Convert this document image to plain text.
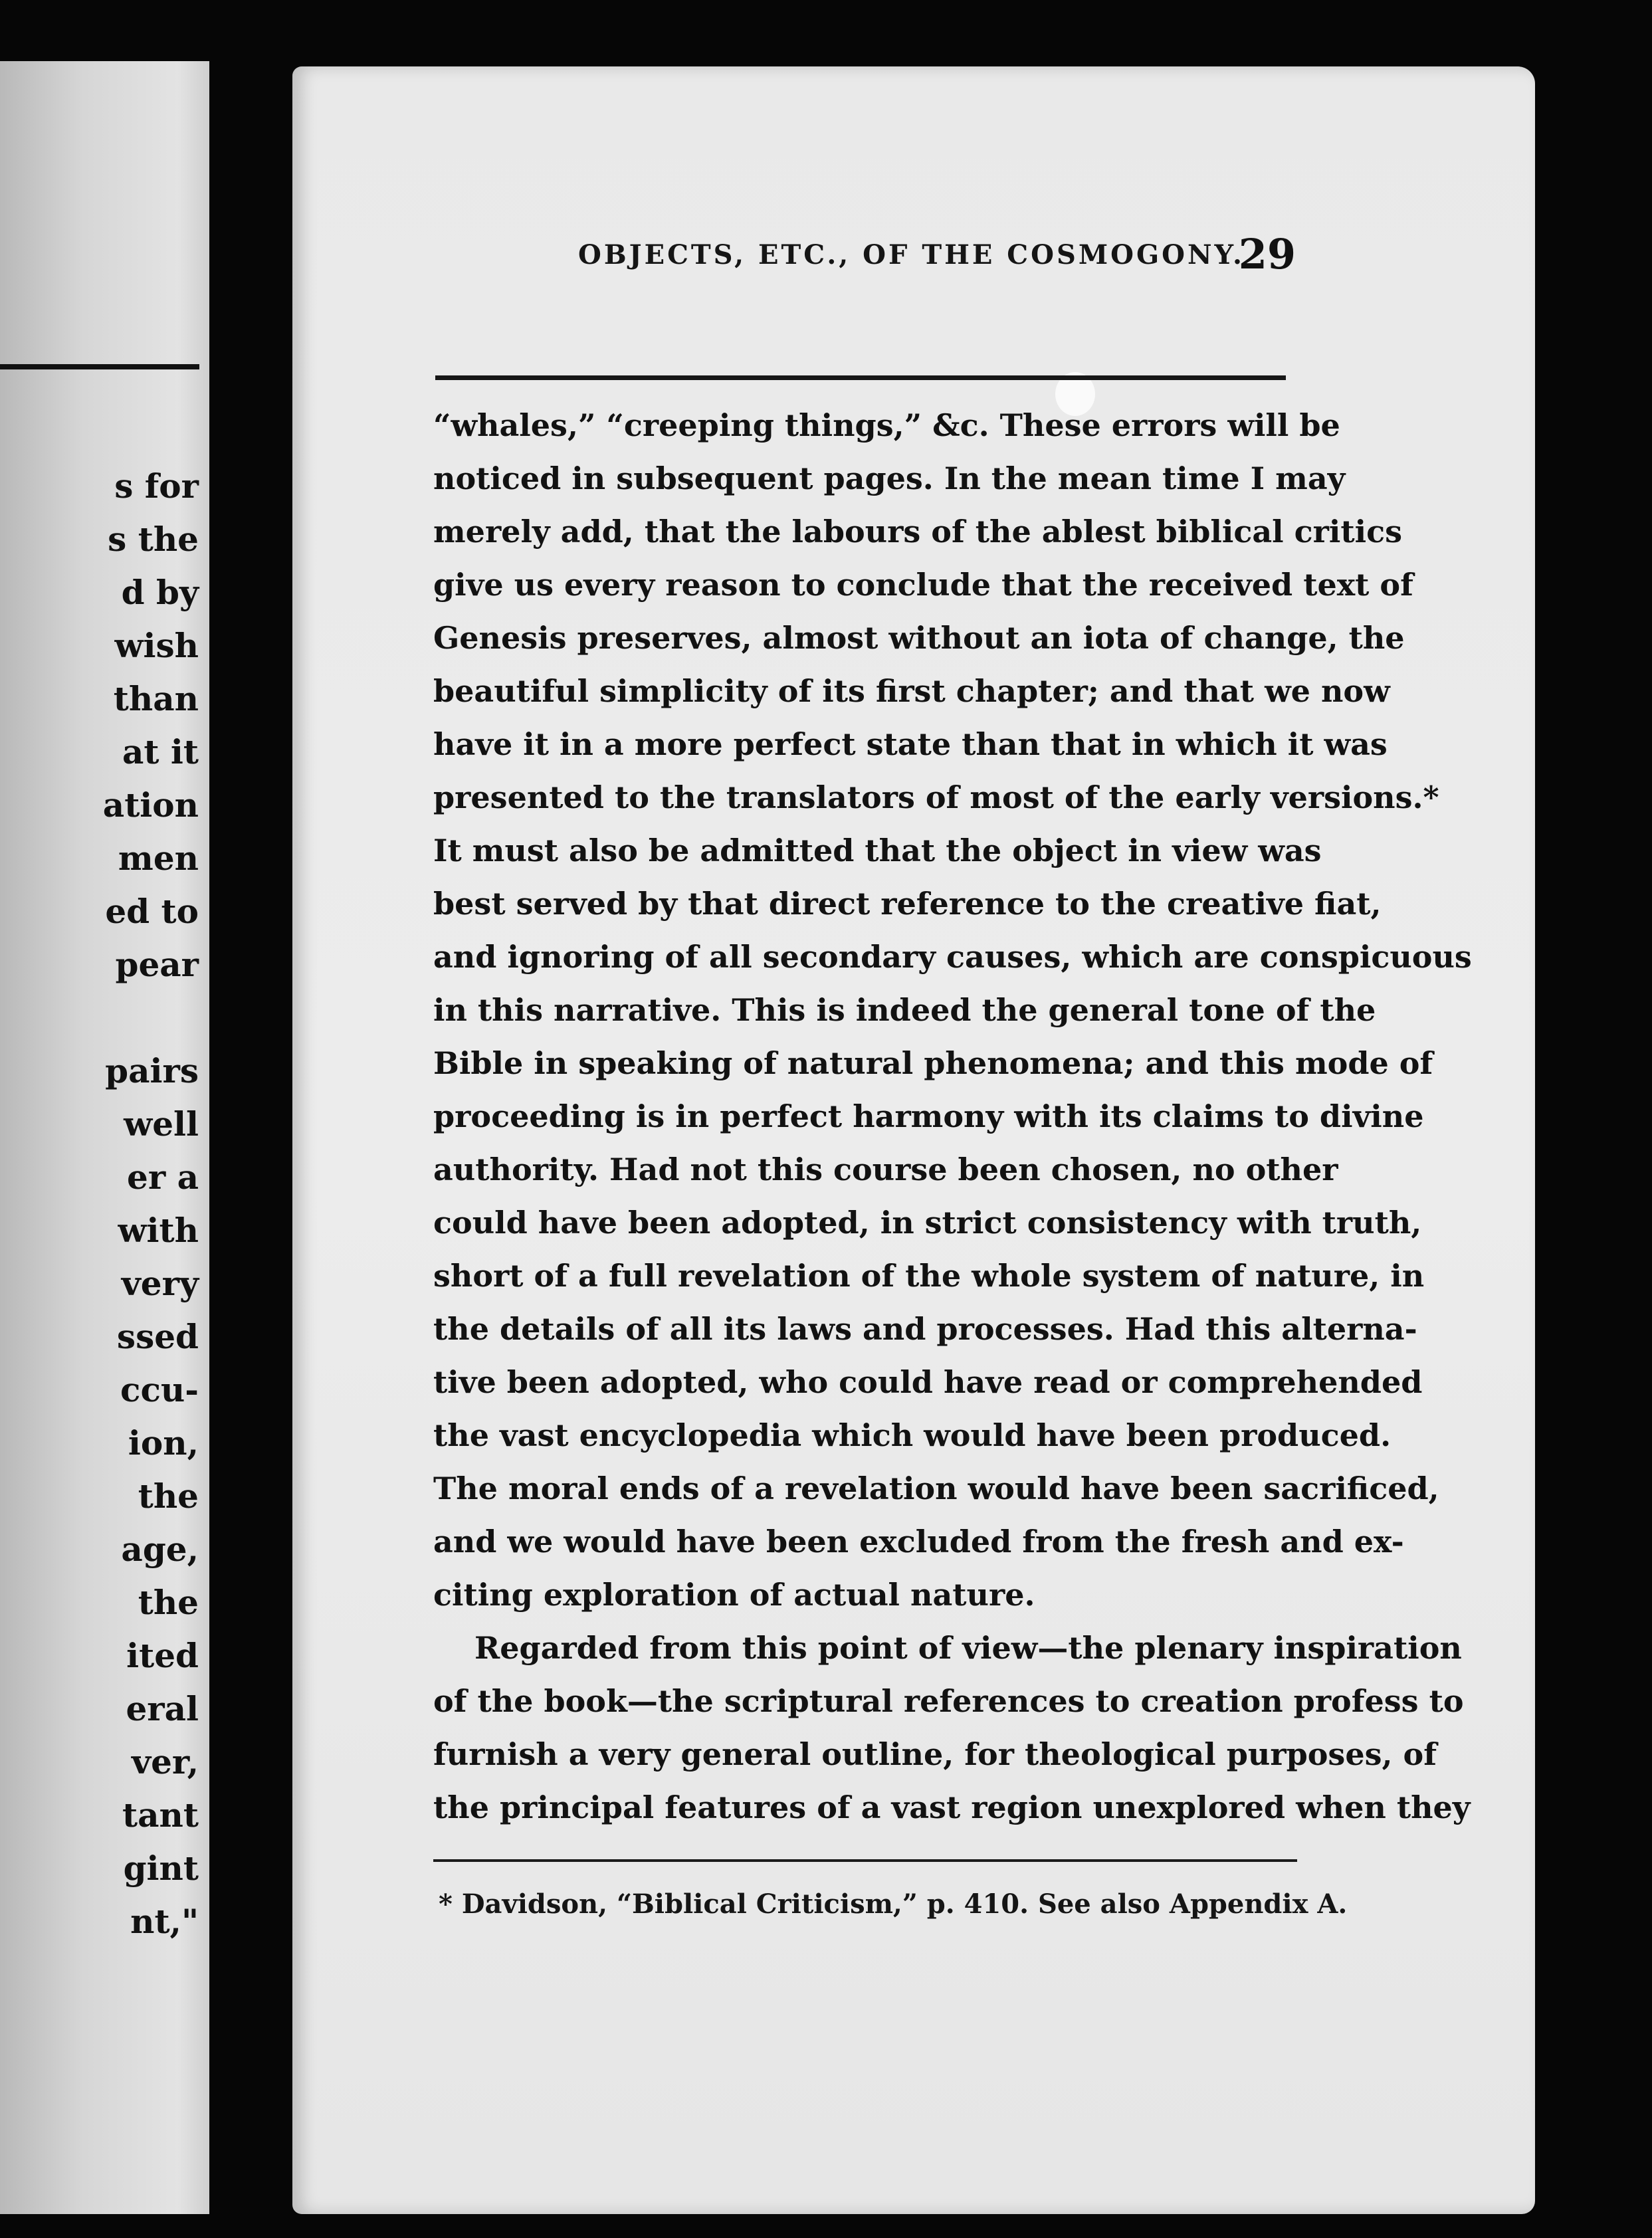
s for
s the
d by
wish
than
at it
ation
men
ed to
pear
pairs
well
er a
with
very
ssed
ccu-
ion,
the
age,
the
ited
eral
ver,
tant
gint
nt,"
OBJECTS, ETC., OF THE COSMOGONY.
29
“whales,” “creeping things,” &c. These errors will be
noticed in subsequent pages. In the mean time I may
merely add, that the labours of the ablest biblical critics
give us every reason to conclude that the received text of
Genesis preserves, almost without an iota of change, the
beautiful simplicity of its first chapter; and that we now
have it in a more perfect state than that in which it was
presented to the translators of most of the early versions.*
It must also be admitted that the object in view was
best served by that direct reference to the creative fiat,
and ignoring of all secondary causes, which are conspicuous
in this narrative. This is indeed the general tone of the
Bible in speaking of natural phenomena; and this mode of
proceeding is in perfect harmony with its claims to divine
authority. Had not this course been chosen, no other
could have been adopted, in strict consistency with truth,
short of a full revelation of the whole system of nature, in
the details of all its laws and processes. Had this alterna-
tive been adopted, who could have read or comprehended
the vast encyclopedia which would have been produced.
The moral ends of a revelation would have been sacrificed,
and we would have been excluded from the fresh and ex-
citing exploration of actual nature.
Regarded from this point of view—the plenary inspiration
of the book—the scriptural references to creation profess to
furnish a very general outline, for theological purposes, of
the principal features of a vast region unexplored when they
* Davidson, “Biblical Criticism,” p. 410. See also Appendix A.
